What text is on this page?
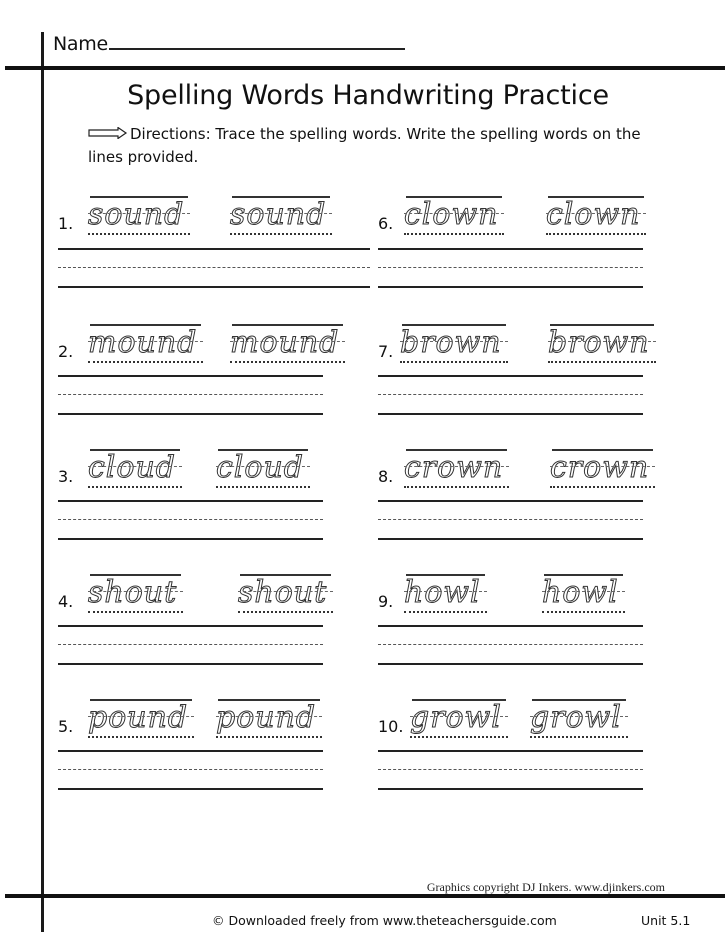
Name
Spelling Words Handwriting Practice
Directions: Trace the spelling words. Write the spelling words on the lines provided.
1. sound sound
2. mound mound
3. cloud cloud
4. shout shout
5. pound pound
6. clown clown
7. brown brown
8. crown crown
9. howl howl
10. growl growl
Graphics copyright DJ Inkers. www.djinkers.com
© Downloaded freely from www.theteachersguide.com	Unit 5.1
